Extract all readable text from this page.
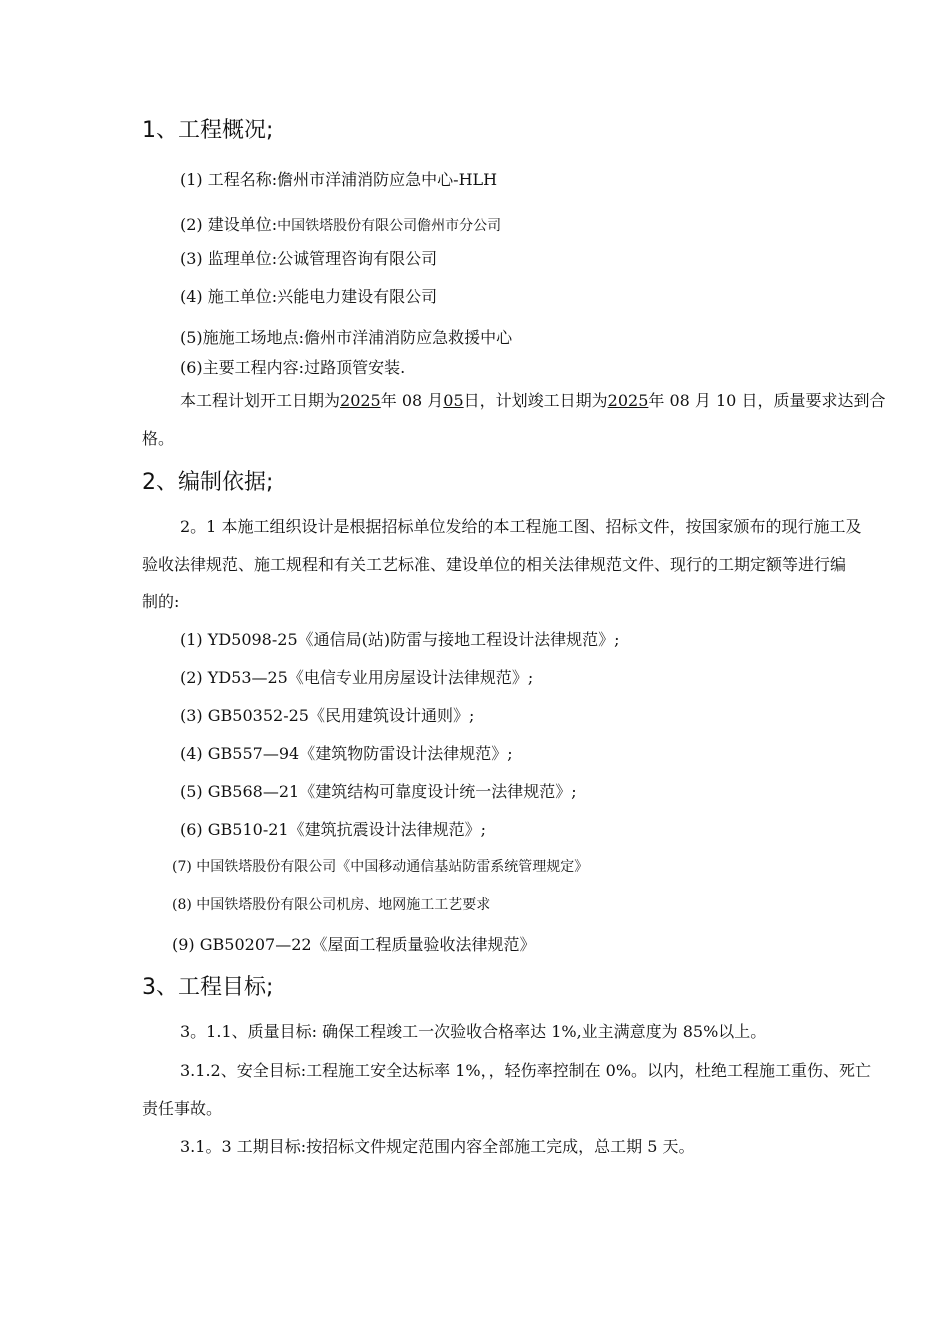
1、工程概况;
(1) 工程名称:儋州市洋浦消防应急中心-HLH
(2) 建设单位:中国铁塔股份有限公司儋州市分公司
(3) 监理单位:公诚管理咨询有限公司
(4) 施工单位:兴能电力建设有限公司
(5)施施工场地点:儋州市洋浦消防应急救援中心
(6)主要工程内容:过路顶管安装.
本工程计划开工日期为2025年 08 月05日，计划竣工日期为2025年 08 月 10 日，质量要求达到合
格。
2、编制依据;
2。1 本施工组织设计是根据招标单位发给的本工程施工图、招标文件，按国家颁布的现行施工及
验收法律规范、施工规程和有关工艺标准、建设单位的相关法律规范文件、现行的工期定额等进行编
制的:
(1) YD5098-25《通信局(站)防雷与接地工程设计法律规范》;
(2) YD53—25《电信专业用房屋设计法律规范》;
(3) GB50352-25《民用建筑设计通则》;
(4) GB557—94《建筑物防雷设计法律规范》;
(5) GB568—21《建筑结构可靠度设计统一法律规范》;
(6) GB510-21《建筑抗震设计法律规范》;
(7) 中国铁塔股份有限公司《中国移动通信基站防雷系统管理规定》
(8) 中国铁塔股份有限公司机房、地网施工工艺要求
(9) GB50207—22《屋面工程质量验收法律规范》
3、工程目标;
3。1.1、质量目标: 确保工程竣工一次验收合格率达 1%,业主满意度为 85%以上。
3.1.2、安全目标:工程施工安全达标率 1%，，轻伤率控制在 0%。以内，杜绝工程施工重伤、死亡
责任事故。
3.1。3 工期目标:按招标文件规定范围内容全部施工完成，总工期 5 天。
